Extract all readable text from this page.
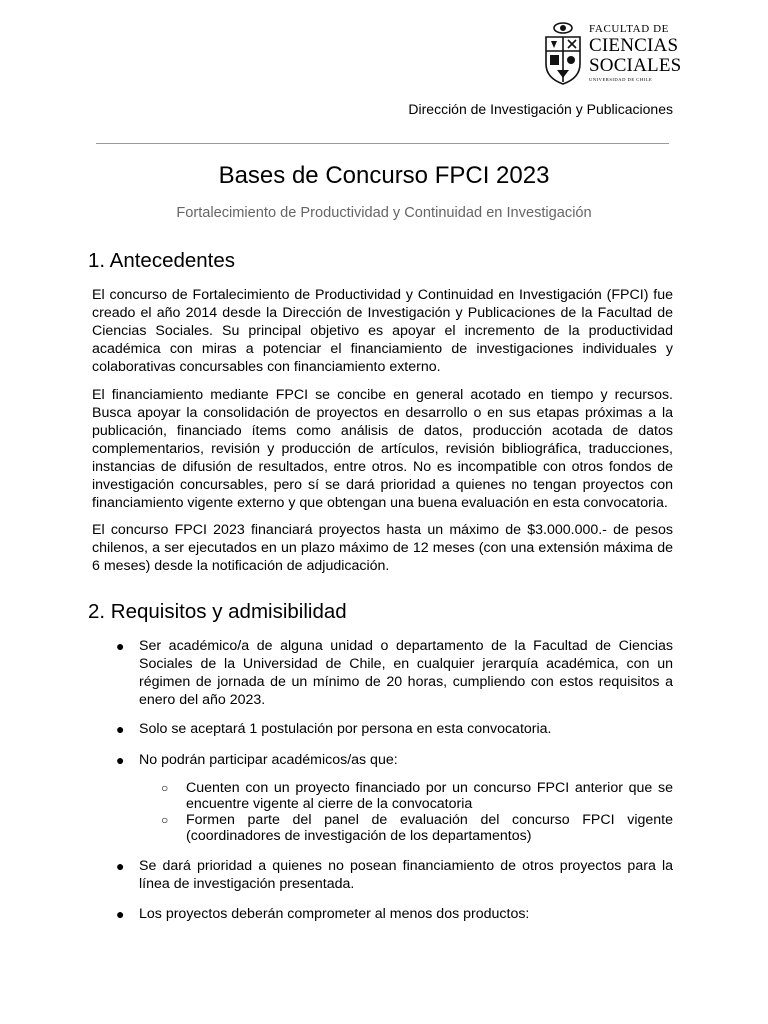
FACULTAD DE
CIENCIAS
SOCIALES
UNIVERSIDAD DE CHILE
Dirección de Investigación y Publicaciones
Bases de Concurso FPCI 2023
Fortalecimiento de Productividad y Continuidad en Investigación
1. Antecedentes
El concurso de Fortalecimiento de Productividad y Continuidad en Investigación (FPCI) fue creado el año 2014 desde la Dirección de Investigación y Publicaciones de la Facultad de Ciencias Sociales. Su principal objetivo es apoyar el incremento de la productividad académica con miras a potenciar el financiamiento de investigaciones individuales y colaborativas concursables con financiamiento externo.
El financiamiento mediante FPCI se concibe en general acotado en tiempo y recursos. Busca apoyar la consolidación de proyectos en desarrollo o en sus etapas próximas a la publicación, financiado ítems como análisis de datos, producción acotada de datos complementarios, revisión y producción de artículos, revisión bibliográfica, traducciones, instancias de difusión de resultados, entre otros. No es incompatible con otros fondos de investigación concursables, pero sí se dará prioridad a quienes no tengan proyectos con financiamiento vigente externo y que obtengan una buena evaluación en esta convocatoria.
El concurso FPCI 2023 financiará proyectos hasta un máximo de $3.000.000.- de pesos chilenos, a ser ejecutados en un plazo máximo de 12 meses (con una extensión máxima de 6 meses) desde la notificación de adjudicación.
2. Requisitos y admisibilidad
● Ser académico/a de alguna unidad o departamento de la Facultad de Ciencias Sociales de la Universidad de Chile, en cualquier jerarquía académica, con un régimen de jornada de un mínimo de 20 horas, cumpliendo con estos requisitos a enero del año 2023.
● Solo se aceptará 1 postulación por persona en esta convocatoria.
● No podrán participar académicos/as que:
○ Cuenten con un proyecto financiado por un concurso FPCI anterior que se encuentre vigente al cierre de la convocatoria
○ Formen parte del panel de evaluación del concurso FPCI vigente (coordinadores de investigación de los departamentos)
● Se dará prioridad a quienes no posean financiamiento de otros proyectos para la línea de investigación presentada.
● Los proyectos deberán comprometer al menos dos productos:
